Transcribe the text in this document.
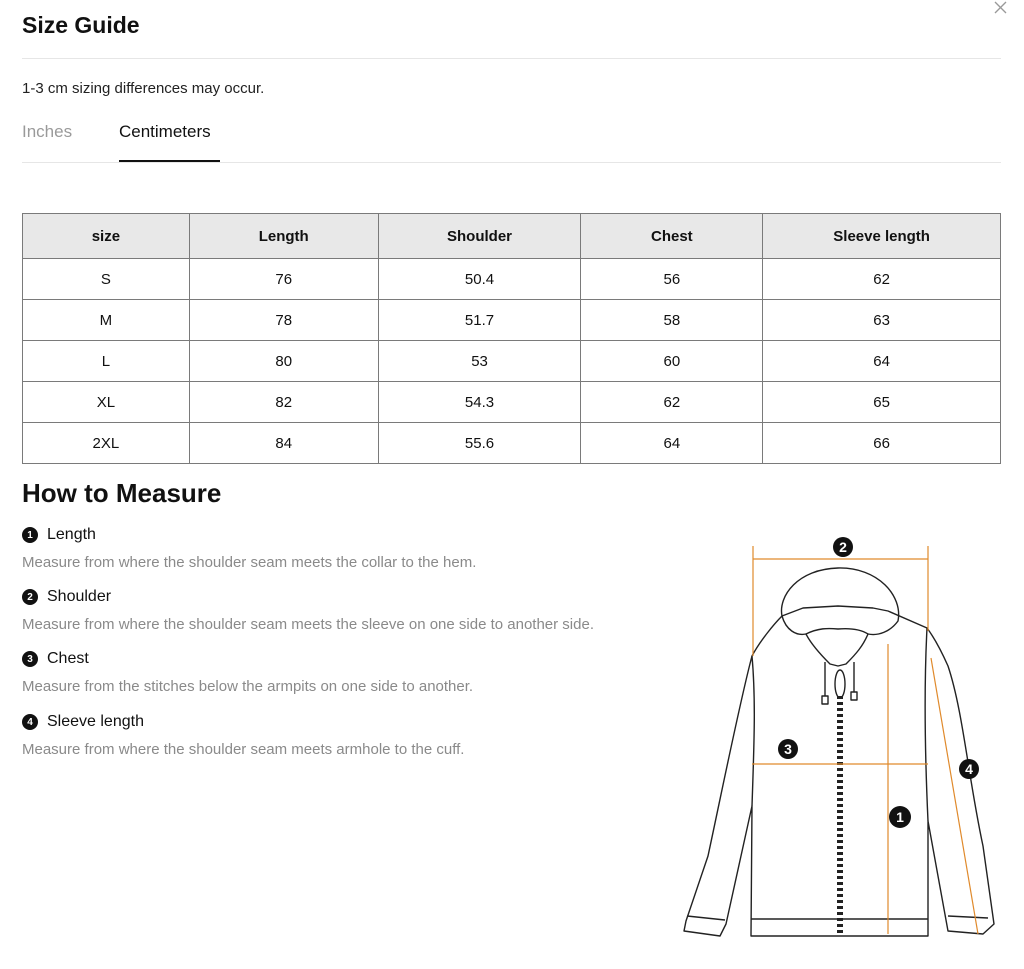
Size Guide
1-3 cm sizing differences may occur.
Inches	Centimeters
size	Length	Shoulder	Chest	Sleeve length
S	76	50.4	56	62
M	78	51.7	58	63
L	80	53	60	64
XL	82	54.3	62	65
2XL	84	55.6	64	66
How to Measure
1 Length
Measure from where the shoulder seam meets the collar to the hem.
2 Shoulder
Measure from where the shoulder seam meets the sleeve on one side to another side.
3 Chest
Measure from the stitches below the armpits on one side to another.
4 Sleeve length
Measure from where the shoulder seam meets armhole to the cuff.
2
3
4
1
